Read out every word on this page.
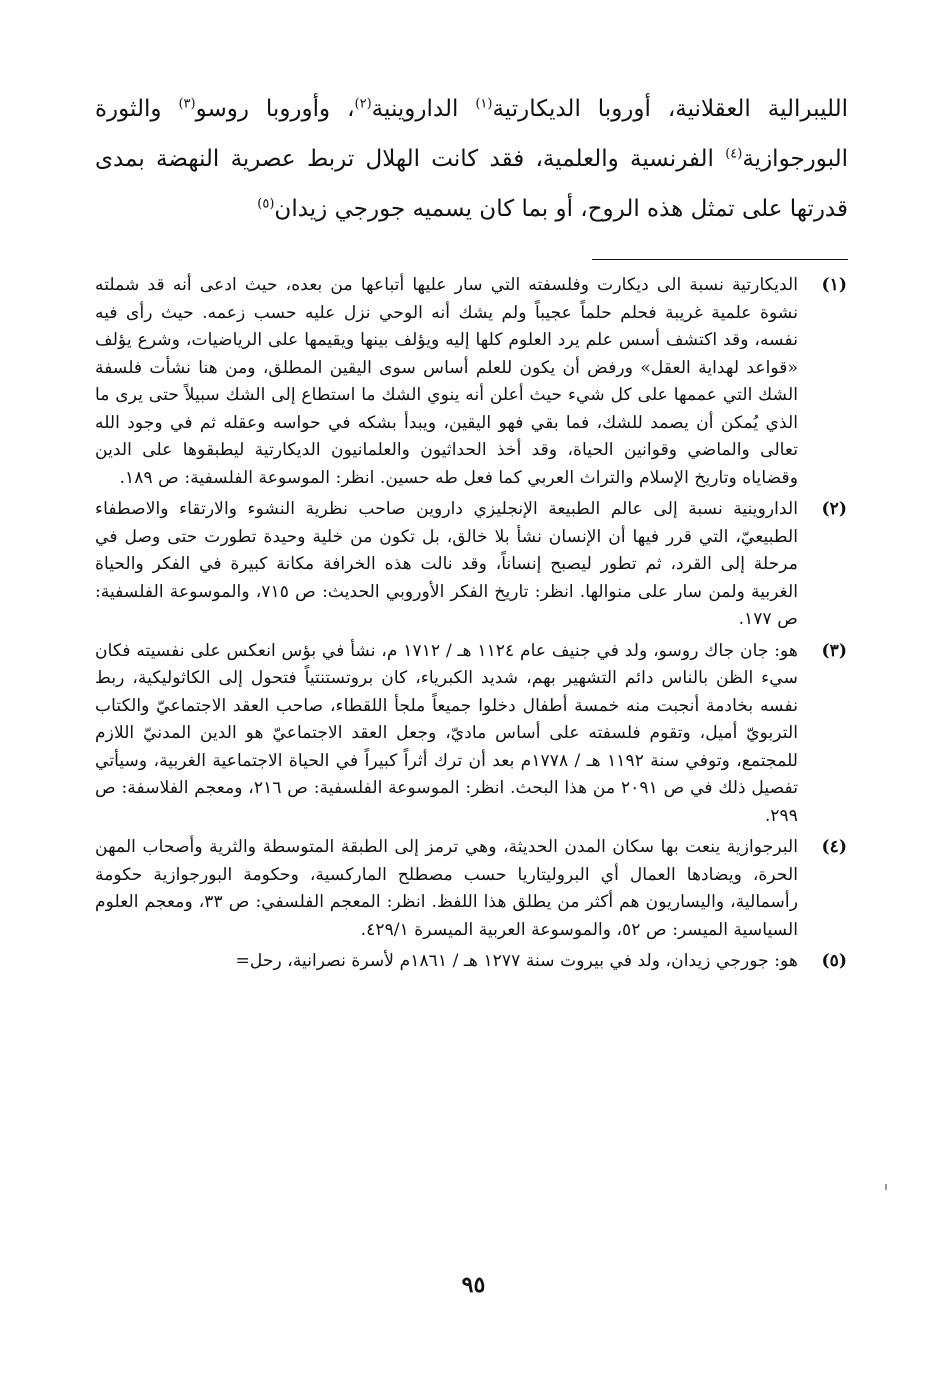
الليبرالية العقلانية، أوروبا الديكارتية$^{(١)}$ الداروينية$^{(٢)}$، وأوروبا روسو$^{(٣)}$ والثورة البورجوازية$^{(٤)}$ الفرنسية والعلمية، فقد كانت الهلال تربط عصرية النهضة بمدى قدرتها على تمثل هذه الروح، أو بما كان يسميه جورجي زيدان$^{(٥)}$

(١)
الديكارتية نسبة الى ديكارت وفلسفته التي سار عليها أتباعها من بعده، حيث ادعى أنه قد شملته نشوة علمية غريبة فحلم حلماً عجيباً ولم يشك أنه الوحي نزل عليه حسب زعمه. حيث رأى فيه نفسه، وقد اكتشف أسس علم يرد العلوم كلها إليه ويؤلف بينها ويقيمها على الرياضيات، وشرع يؤلف «قواعد لهداية العقل» ورفض أن يكون للعلم أساس سوى اليقين المطلق، ومن هنا نشأت فلسفة الشك التي عممها على كل شيء حيث أعلن أنه ينوي الشك ما استطاع إلى الشك سبيلاً حتى يرى ما الذي يُمكن أن يصمد للشك، فما بقي فهو اليقين، ويبدأ بشكه في حواسه وعقله ثم في وجود الله تعالى والماضي وقوانين الحياة، وقد أخذ الحداثيون والعلمانيون الديكارتية ليطبقوها على الدين وقضاياه وتاريخ الإسلام والتراث العربي كما فعل طه حسين. انظر: الموسوعة الفلسفية: ص ١٨٩.
(٢)
الداروينية نسبة إلى عالم الطبيعة الإنجليزي داروين صاحب نظرية النشوء والارتقاء والاصطفاء الطبيعيّ، التي قرر فيها أن الإنسان نشأ بلا خالق، بل تكون من خلية وحيدة تطورت حتى وصل في مرحلة إلى القرد، ثم تطور ليصبح إنساناً، وقد نالت هذه الخرافة مكانة كبيرة في الفكر والحياة الغربية ولمن سار على منوالها. انظر: تاريخ الفكر الأوروبي الحديث: ص ٧١٥، والموسوعة الفلسفية: ص ١٧٧.
(٣)
هو: جان جاك روسو، ولد في جنيف عام ١١٢٤ هـ / ١٧١٢ م، نشأ في بؤس انعكس على نفسيته فكان سيء الظن بالناس دائم التشهير بهم، شديد الكبرياء، كان بروتستنتياً فتحول إلى الكاثوليكية، ربط نفسه بخادمة أنجبت منه خمسة أطفال دخلوا جميعاً ملجأ اللقطاء، صاحب العقد الاجتماعيّ والكتاب التربويّ أميل، وتقوم فلسفته على أساس ماديّ، وجعل العقد الاجتماعيّ هو الدين المدنيّ اللازم للمجتمع، وتوفي سنة ١١٩٢ هـ / ١٧٧٨م بعد أن ترك أثراً كبيراً في الحياة الاجتماعية الغربية، وسيأتي تفصيل ذلك في ص ٢٠٩١ من هذا البحث. انظر: الموسوعة الفلسفية: ص ٢١٦، ومعجم الفلاسفة: ص ٢٩٩.
(٤)
البرجوازية ينعت بها سكان المدن الحديثة، وهي ترمز إلى الطبقة المتوسطة والثرية وأصحاب المهن الحرة، ويضادها العمال أي البروليتاريا حسب مصطلح الماركسية، وحكومة البورجوازية حكومة رأسمالية، واليساريون هم أكثر من يطلق هذا اللفظ. انظر: المعجم الفلسفي: ص ٣٣، ومعجم العلوم السياسية الميسر: ص ٥٢، والموسوعة العربية الميسرة ٤٢٩/١.
(٥)
هو: جورجي زيدان، ولد في بيروت سنة ١٢٧٧ هـ / ١٨٦١م لأسرة نصرانية، رحل=
٩٥
